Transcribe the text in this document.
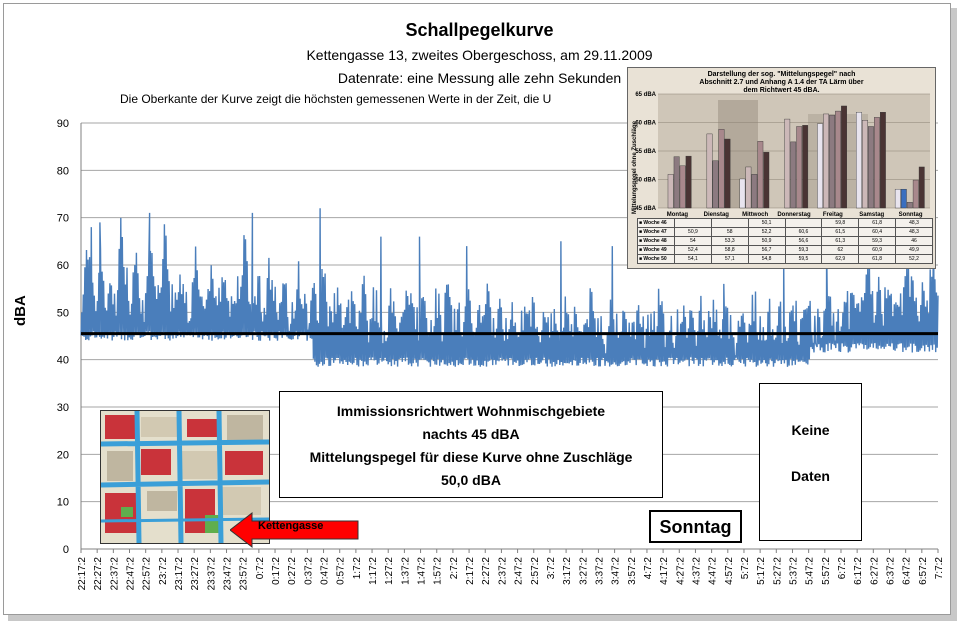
Schallpegelkurve
Kettengasse 13, zweites Obergeschoss, am 29.11.2009
Datenrate: eine Messung alle zehn Sekunden
Die Oberkante der Kurve zeigt die höchsten gemessenen Werte in der Zeit, die U
dBA
0
10
20
30
40
50
60
70
80
90
22:17:2 22:27:2 22:37:2 22:47:2 22:57:2 23:7:2 23:17:2 23:27:2 23:37:2 23:47:2 23:57:2 0:7:2 0:17:2 0:27:2 0:37:2 0:47:2 0:57:2 1:7:2 1:17:2 1:27:2 1:37:2 1:47:2 1:57:2 2:7:2 2:17:2 2:27:2 2:37:2 2:47:2 2:57:2 3:7:2 3:17:2 3:27:2 3:37:2 3:47:2 3:57:2 4:7:2 4:17:2 4:27:2 4:37:2 4:47:2 4:57:2 5:7:2 5:17:2 5:27:2 5:37:2 5:47:2 5:57:2 6:7:2 6:17:2 6:27:2 6:37:2 6:47:2 6:57:2 7:7:2
Kettengasse
Immissionsrichtwert Wohnmischgebiete
nachts 45 dBA
Mittelungspegel für diese Kurve ohne Zuschläge
50,0 dBA
Keine
Daten
Sonntag
45 dBA
50 dBA
55 dBA
60 dBA
65 dBA
Montag	Dienstag Mittwoch Donnerstag Freitag	Samstag Sonntag
Darstellung der sog. "Mittelungspegel" nach Abschnitt 2.7 und Anhang A 1.4 der TA Lärm über dem Richtwert 45 dBA.
Mittelungspegel ohne Zuschläge
■ Woche 46			50,1		59,8	61,8	48,3
■ Woche 47	50,9	58	52,2	60,6	61,5	60,4	48,3
■ Woche 48	54	53,3	50,9	56,6	61,3	59,3	46
■ Woche 49	52,4	58,8	56,7	59,3	62	60,9	49,9
■ Woche 50	54,1	57,1	54,8	59,5	62,9	61,8	52,2
